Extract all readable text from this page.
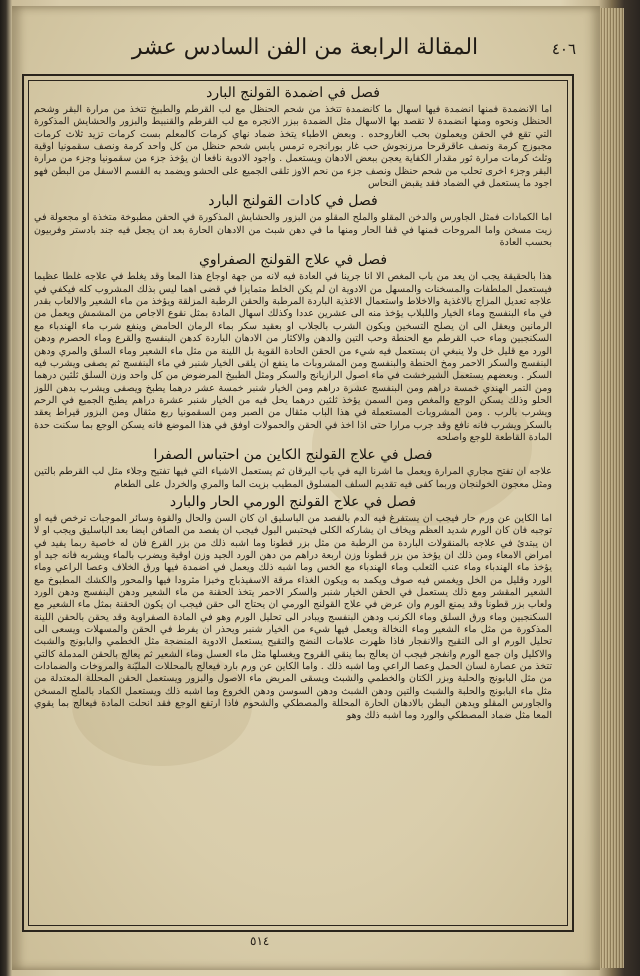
المقالة الرابعة من الفن السادس عشر	٤٠٦
فصل في اضمدة القولنج البارد
اما الانضمدة فمنها انضمدة فيها اسهال ما كانضمدة تتخذ من شحم الحنظل مع لب القرطم والطبيخ تتخذ من مرارة البقر وشحم الحنظل ونحوه ومنها انضمدة لا تقصد بها الاسهال مثل الضمدة ببزر الانجره مع لب القرطم والقنبيط والبزور والحشايش المذكورة التي تقع في الحقن ويعملون بحب الغاروحده . وبعض الاطباء يتخذ ضماد نهاي كرمات كالمعلم بست كرمات تزيد ثلاث كرمات مجبوزج كرمة ونصف عاقرقرحا مرزنجوش حب غار بورانجره ترمس يابس شحم حنظل من كل واحد كرمة ونصف سقمونيا اوقية وثلث كرمات مرارة ثور مقدار الكفاية يعجن ببعض الادهان ويستعمل . واجود الادوية نافعا ان يؤخذ جزء من سقمونيا وجزء من مرارة البقر وجزء اخرى تحلب من شحم حنظل ونصف جزء من نحم الاوز تلقى الجميع على الحشو ويضمد به القسم الاسفل من البطن فهو اجود ما يستعمل في الضماد فقد يقبض النحاس
فصل في كادات القولنج البارد
اما الكمادات فمثل الجاورس والدخن المقلو والملح المقلو من البزور والحشايش المذكورة في الحقن مطبوخة متخذة او مجعولة في زيت مسخن واما المروحات فمنها في قفا الحار ومنها ما في دهن شبث من الادهان الحارة بعد ان يجعل فيه جند بادستر وفربيون بحسب العادة
فصل في علاج القولنج الصفراوي
هذا بالحقيقة يجب ان يعد من باب المغص الا انا جرينا في العادة فيه لانه من جهة اوجاع هذا المعا وقد يغلط في علاجه غلطا عظيما فيستعمل الملطفات والمسخنات والمسهل من الادوية ان لم يكن الخلط متمايزا في قضى اهما ليس بذلك المشروب كله فيكفي في علاجه تعديل المزاج بالاغذية والاخلاط واستعمال الاغذية الباردة المرطبة والحقن الرطبة المزلقة ويؤخذ من ماء الشعير والالعاب بقدر في ماء البنفسج وماء الخيار واللبلاب يؤخذ منه الى عشرين عددا وكذلك اسهال المادة بمثل نقوع الاجاص من المشمش ويعمل من الرمانين ويعقل الى ان يصلح التسخين ويكون الشرب بالجلاب او بعقيد سكر بماء الرمان الحامض وينفع شرب ماء الهندباء مع السكنجبين وماء حب القرطم مع الحنطة وحب التين والدهن والاكثار من الادهان الباردة كدهن البنفسج والقرع وماء الحصرم ودهن الورد مع قليل خل ولا ينبغي ان يستعمل فيه شيء من الحقن الحادة القوية بل اللينة من مثل ماء الشعير وماء السلق والمري ودهن البنفسج والسكر الاحمر ومخ الحنطة والبنفسج ومن المشروبات ما ينفع ان يلقى الخيار شنبر في ماء البنفسج ثم يصفى ويشرب فيه السكر . وبعضهم يستعمل الشيرخشت في ماء اصول الرازيانج والسكر ومثل الطبيخ المرضوض من كل واحد وزن السلق ثلثين درهما ومن التمر الهندي خمسة دراهم ومن البنفسج عشرة دراهم ومن الخيار شنبر خمسة عشر درهما يطبخ ويصفى ويشرب بدهن اللوز الحلو وذلك يسكن الوجع والمغص ومن السمن يؤخذ ثلثين درهما يحل فيه من الخيار شنبر عشرة دراهم يطبخ الجميع في الرحم ويشرب بالرب . ومن المشروبات المستعملة في هذا الباب مثقال من الصبر ومن السقمونيا ربع مثقال ومن البزور قيراط يعقد بالسكر ويشرب فانه نافع وقد جرب مرارا حتى اذا اخذ في الحقن والحمولات اوفق في هذا الموضع فانه يسكن الوجع بما سكنت حدة المادة القاطعة للوجع واصلحه
فصل في علاج القولنج الكاين من احتباس الصفرا
علاجه ان تفتح مجاري المرارة ويعمل ما اشرنا اليه في باب اليرقان ثم يستعمل الاشياء التي فيها تفتيح وجلاء مثل لب القرطم بالتين ومثل معجون الخولنجان وربما كفى فيه تقديم السلف المسلوق المطيب بزيت الما والمري والخردل على الطعام
فصل في علاج القولنج الورمي الحار والبارد
اما الكاين عن ورم حار فيجب ان يستفرغ فيه الدم بالفصد من الباسليق ان كان السن والحال والقوة وسائر الموجبات ترخص فيه او توجبه فان كان الورم شديد العظم ويخاف ان يشاركه الكلى فيحتبس البول فيجب ان يفصد من الصافن ايضا بعد الباسليق ويجب او لا ان يبتدئ في علاجه بالمنقولات الباردة من الرطبة من مثل بزر قطونا وما اشبه ذلك من بزر القرع فان له خاصية ربما يفيد في امراض الامعاء ومن ذلك ان يؤخذ من بزر قطونا وزن اربعة دراهم من دهن الورد الجيد وزن اوقية ويضرب بالماء ويشربه فانه جيد او يؤخذ ماء الهندباء وماء عنب الثعلب وماء الهندباء مع الخس وما اشبه ذلك ويعمل في اضمدة فيها ورق الخلاف وعصا الراعي وماء الورد وقليل من الخل ويغمس فيه صوف ويكمد به ويكون الغذاء مرقة الاسفيذباج وخبزا مثرودا فيها والمحور والكشك المطبوخ مع الشعير المقشر ومع ذلك يستعمل في الحقن الخيار شنبر والسكر الاحمر يتخذ الحقنة من ماء الشعير ودهن البنفسج ودهن الورد ولعاب بزر قطونا وقد يمنع الورم وان عرض في علاج القولنج الورمي ان يحتاج الى حقن فيجب ان يكون الحقنة بمثل ماء الشعير مع السكنجبين وماء ورق السلق وماء الكرنب ودهن البنفسج ويبادر الى تحليل الورم وهو في المادة الصفراوية وقد يحقن بالحقن اللينة المذكورة من مثل ماء الشعير وماء النخالة ويعمل فيها شيء من الخيار شنبر ويحذر ان يفرط في الحقن والمسهلات ويسعى الى تحليل الورم او الى التقيح والانفجار فاذا ظهرت علامات النضج والتقيح يستعمل الادوية المنضجة مثل الخطمي والبابونج والشبث والاكليل وان جمع الورم وانفجر فيجب ان يعالج بما ينقي القروح ويغسلها مثل ماء العسل وماء الشعير ثم يعالج بالحقن المدملة كالتي تتخذ من عصارة لسان الحمل وعصا الراعي وما اشبه ذلك . واما الكاين عن ورم بارد فيعالج بالمحللات المليّنة والمروخات والضمادات من مثل البابونج والحلبة وبزر الكتان والخطمي والشبث ويسقى المريض ماء الاصول والبزور ويستعمل الحقن المحللة المعتدلة من مثل ماء البابونج والحلبة والشبث والتين ودهن الشبث ودهن السوسن ودهن الخروع وما اشبه ذلك ويستعمل الكماد بالملح المسخن والجاورس المقلو ويدهن البطن بالادهان الحارة المحللة والمصطكي والشحوم فاذا ارتفع الوجع فقد انحلت المادة فيعالج بما يقوي المعا مثل ضماد المصطكي والورد وما اشبه ذلك وهو
٥١٤
